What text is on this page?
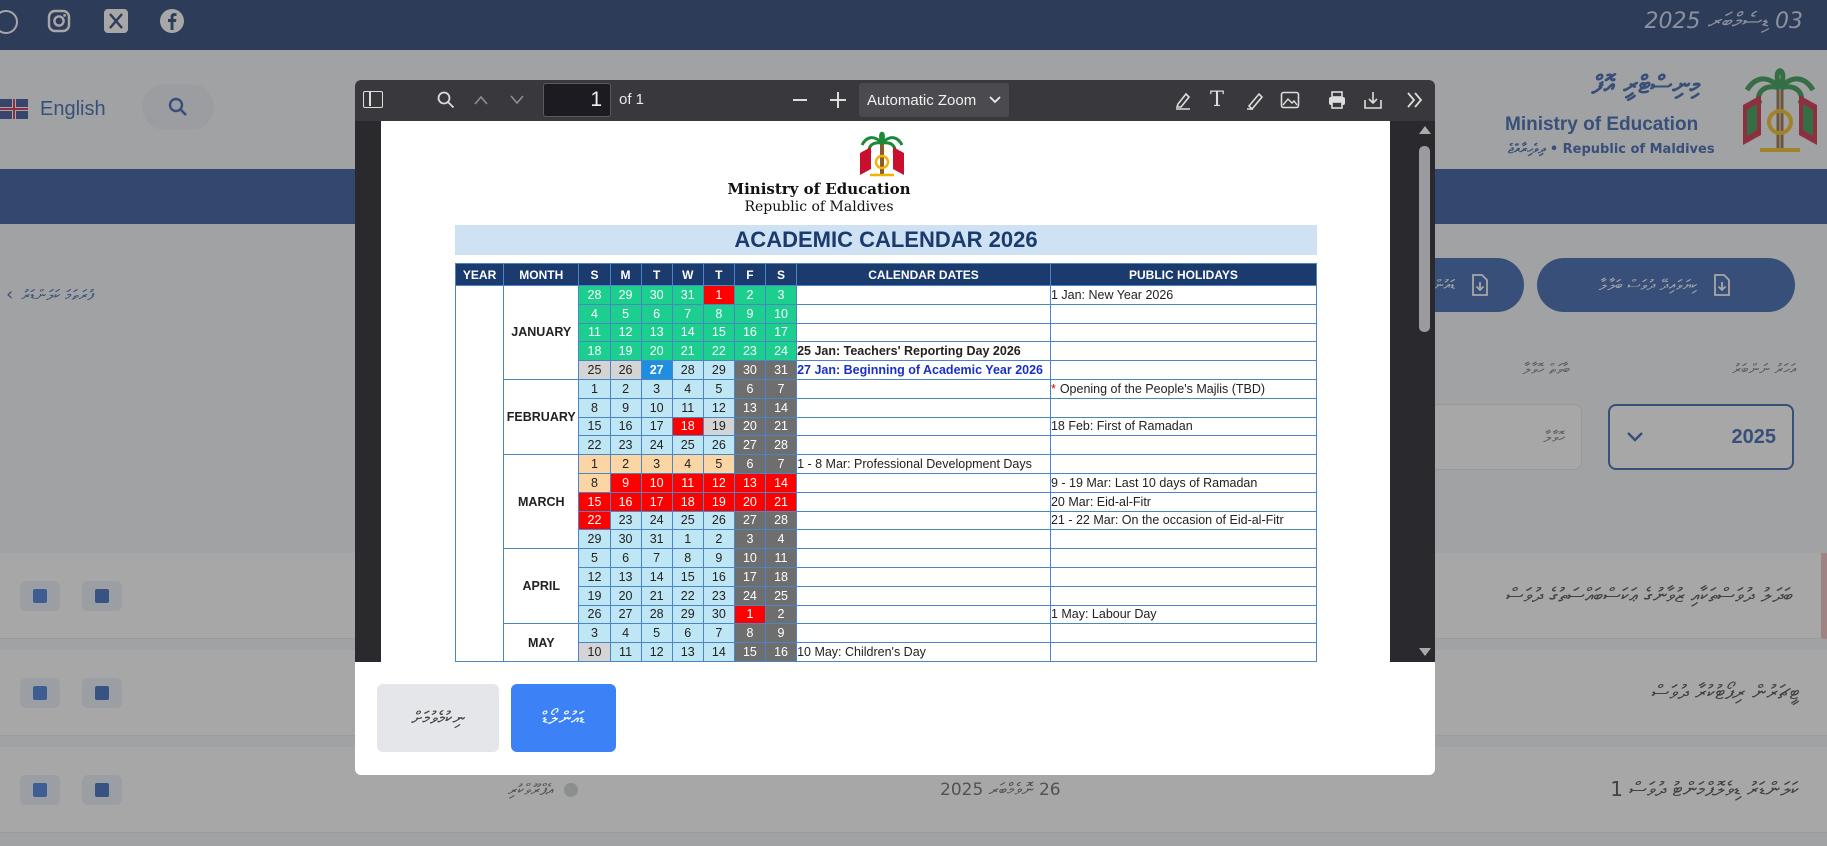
1	of 1	Automatic Zoom	T
Ministry of Education
Republic of Maldives
ACADEMIC CALENDAR 2026
YEAR	MONTH	S	M	T	W	T	F	S	CALENDAR DATES	PUBLIC HOLIDAYS
	JANUARY	28	29	30	31	1	2	3		1 Jan: New Year 2026
		4	5	6	7	8	9	10		
		11	12	13	14	15	16	17		
		18	19	20	21	22	23	24	25 Jan: Teachers' Reporting Day 2026	
		25	26	27	28	29	30	31	27 Jan: Beginning of Academic Year 2026	
	FEBRUARY	1	2	3	4	5	6	7		* Opening of the People's Majlis (TBD)
		8	9	10	11	12	13	14		
		15	16	17	18	19	20	21		18 Feb: First of Ramadan
		22	23	24	25	26	27	28		
	MARCH	1	2	3	4	5	6	7	1 - 8 Mar: Professional Development Days	
		8	9	10	11	12	13	14		9 - 19 Mar: Last 10 days of Ramadan
		15	16	17	18	19	20	21		20 Mar: Eid-al-Fitr
		22	23	24	25	26	27	28		21 - 22 Mar: On the occasion of Eid-al-Fitr
		29	30	31	1	2	3	4		
	APRIL	5	6	7	8	9	10	11		
		12	13	14	15	16	17	18		
		19	20	21	22	23	24	25		
		26	27	28	29	30	1	2		1 May: Labour Day
	MAY	3	4	5	6	7	8	9		
		10	11	12	13	14	15	16	10 May: Children's Day	
ނިކުމެވުމަށް	ޑައުންލޯޑް
